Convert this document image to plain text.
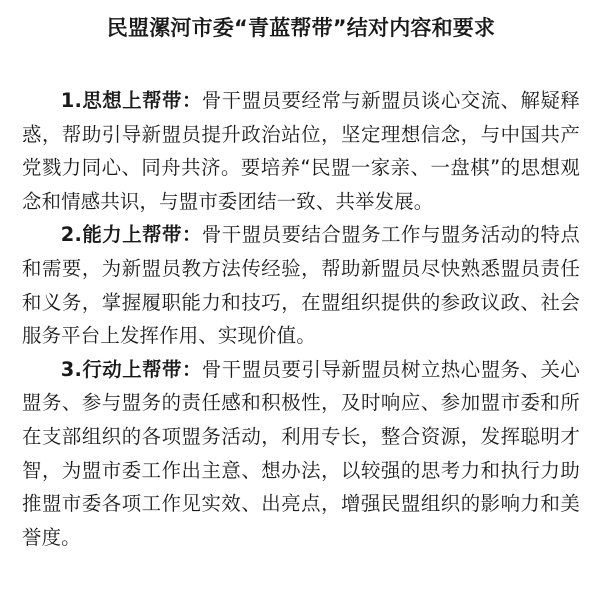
民盟漯河市委“青蓝帮带”结对内容和要求

1.思想上帮带：骨干盟员要经常与新盟员谈心交流、解疑释惑，帮助引导新盟员提升政治站位，坚定理想信念，与中国共产党戮力同心、同舟共济。要培养“民盟一家亲、一盘棋”的思想观念和情感共识，与盟市委团结一致、共举发展。

2.能力上帮带：骨干盟员要结合盟务工作与盟务活动的特点和需要，为新盟员教方法传经验，帮助新盟员尽快熟悉盟员责任和义务，掌握履职能力和技巧，在盟组织提供的参政议政、社会服务平台上发挥作用、实现价值。

3.行动上帮带：骨干盟员要引导新盟员树立热心盟务、关心盟务、参与盟务的责任感和积极性，及时响应、参加盟市委和所在支部组织的各项盟务活动，利用专长，整合资源，发挥聪明才智，为盟市委工作出主意、想办法，以较强的思考力和执行力助推盟市委各项工作见实效、出亮点，增强民盟组织的影响力和美誉度。
